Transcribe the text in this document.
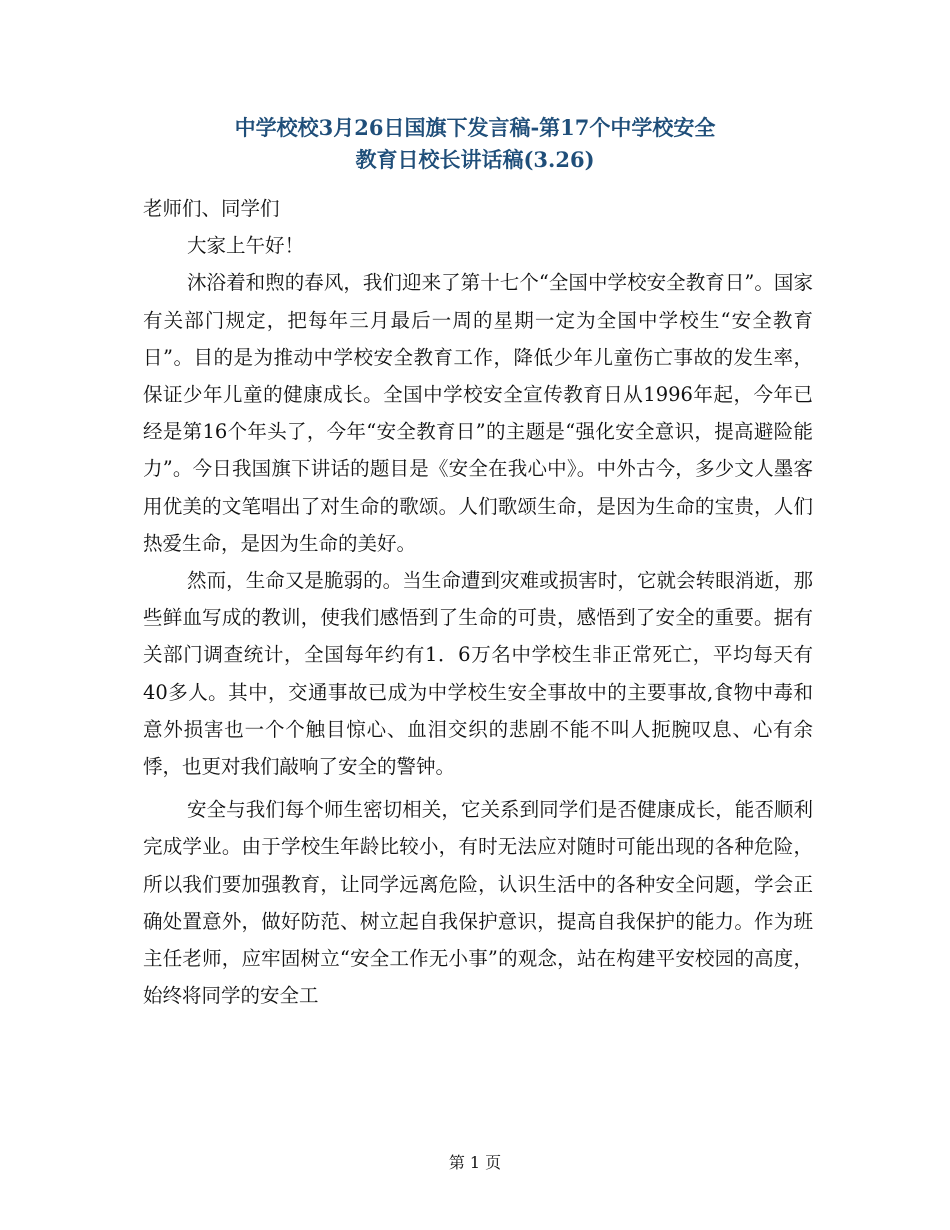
中学校校3月26日国旗下发言稿-第17个中学校安全
教育日校长讲话稿(3.26)

老师们、同学们

大家上午好！

沐浴着和煦的春风，我们迎来了第十七个“全国中学校安全教育日”。国家有关部门规定，把每年三月最后一周的星期一定为全国中学校生“安全教育日”。目的是为推动中学校安全教育工作，降低少年儿童伤亡事故的发生率，保证少年儿童的健康成长。全国中学校安全宣传教育日从1996年起，今年已经是第16个年头了，今年“安全教育日”的主题是“强化安全意识，提高避险能力”。今日我国旗下讲话的题目是《安全在我心中》。中外古今，多少文人墨客用优美的文笔唱出了对生命的歌颂。人们歌颂生命，是因为生命的宝贵，人们热爱生命，是因为生命的美好。

然而，生命又是脆弱的。当生命遭到灾难或损害时，它就会转眼消逝，那些鲜血写成的教训，使我们感悟到了生命的可贵，感悟到了安全的重要。据有关部门调查统计，全国每年约有1．6万名中学校生非正常死亡，平均每天有40多人。其中，交通事故已成为中学校生安全事故中的主要事故,食物中毒和意外损害也一个个触目惊心、血泪交织的悲剧不能不叫人扼腕叹息、心有余悸，也更对我们敲响了安全的警钟。

安全与我们每个师生密切相关，它关系到同学们是否健康成长，能否顺利完成学业。由于学校生年龄比较小，有时无法应对随时可能出现的各种危险，所以我们要加强教育，让同学远离危险，认识生活中的各种安全问题，学会正确处置意外，做好防范、树立起自我保护意识，提高自我保护的能力。作为班主任老师，应牢固树立“安全工作无小事”的观念，站在构建平安校园的高度，始终将同学的安全工

第 1 页
